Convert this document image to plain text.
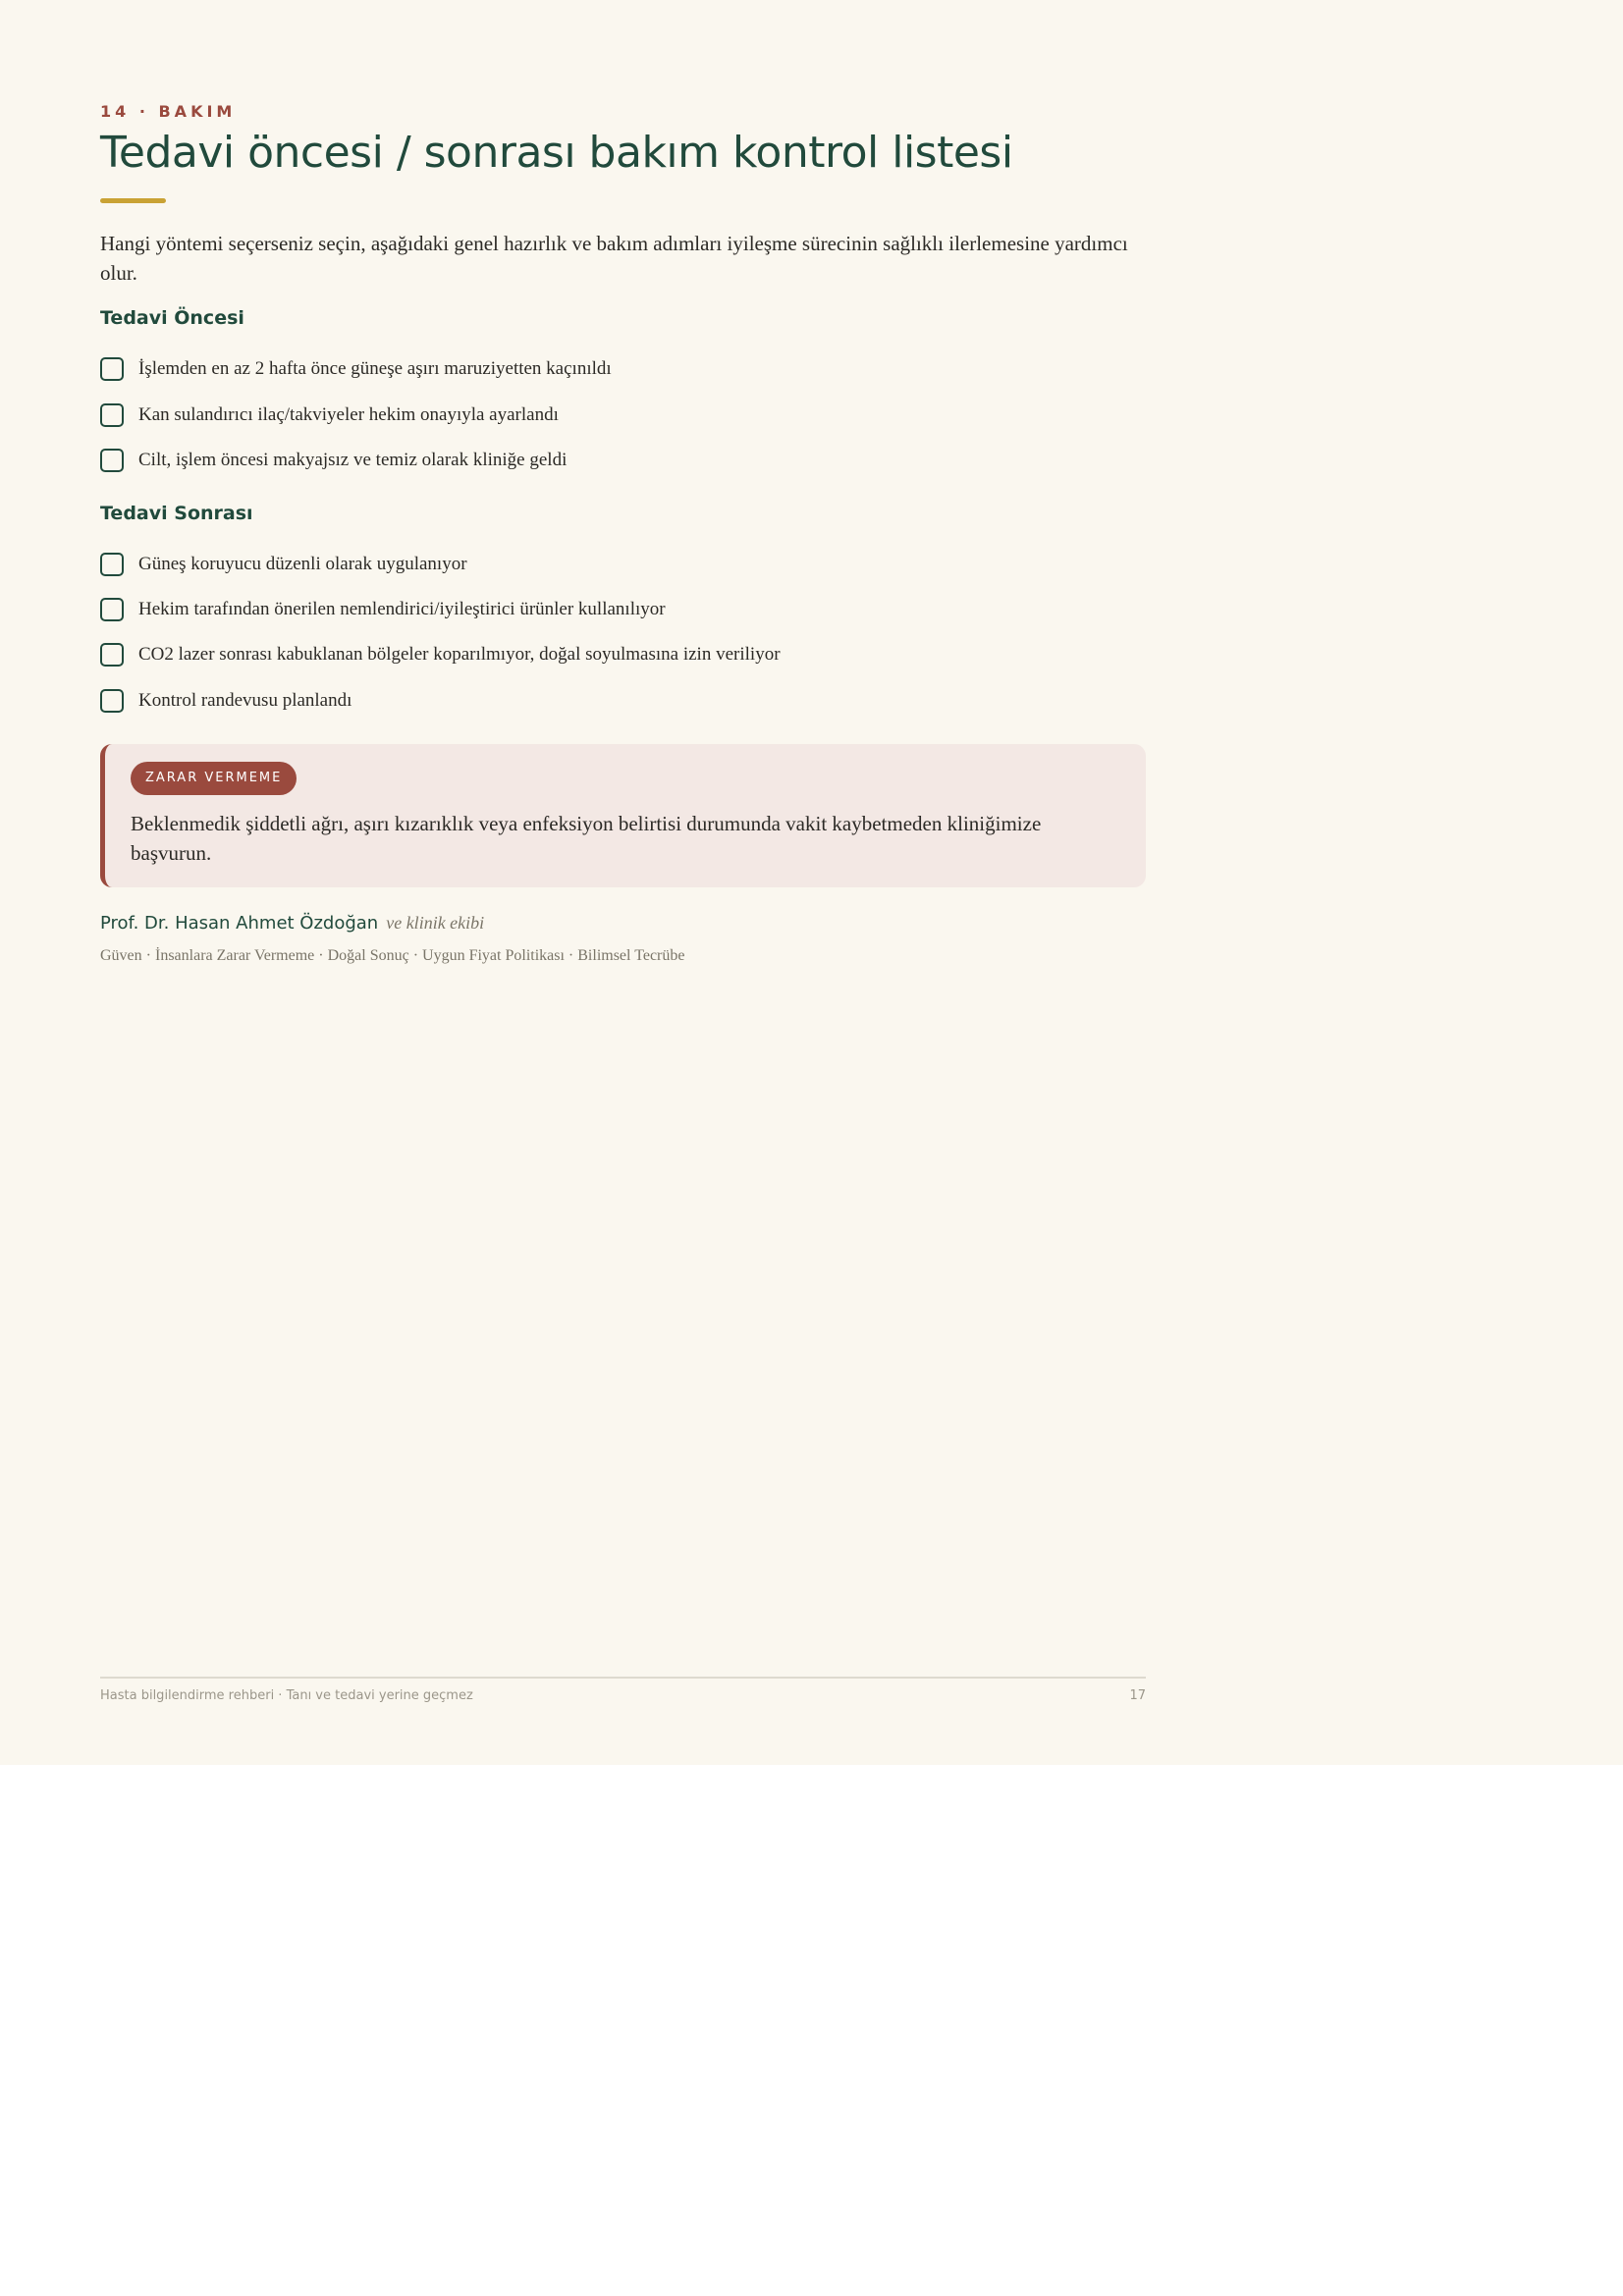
14 · BAKIM
Tedavi öncesi / sonrası bakım kontrol listesi

Hangi yöntemi seçerseniz seçin, aşağıdaki genel hazırlık ve bakım adımları iyileşme sürecinin sağlıklı ilerlemesine yardımcı olur.

Tedavi Öncesi
İşlemden en az 2 hafta önce güneşe aşırı maruziyetten kaçınıldı
Kan sulandırıcı ilaç/takviyeler hekim onayıyla ayarlandı
Cilt, işlem öncesi makyajsız ve temiz olarak kliniğe geldi
Tedavi Sonrası
Güneş koruyucu düzenli olarak uygulanıyor
Hekim tarafından önerilen nemlendirici/iyileştirici ürünler kullanılıyor
CO2 lazer sonrası kabuklanan bölgeler koparılmıyor, doğal soyulmasına izin veriliyor
Kontrol randevusu planlandı
ZARAR VERMEME

Beklenmedik şiddetli ağrı, aşırı kızarıklık veya enfeksiyon belirtisi durumunda vakit kaybetmeden kliniğimize başvurun.

Prof. Dr. Hasan Ahmet Özdoğan ve klinik ekibi
Güven · İnsanlara Zarar Vermeme · Doğal Sonuç · Uygun Fiyat Politikası · Bilimsel Tecrübe
Hasta bilgilendirme rehberi · Tanı ve tedavi yerine geçmez	17
